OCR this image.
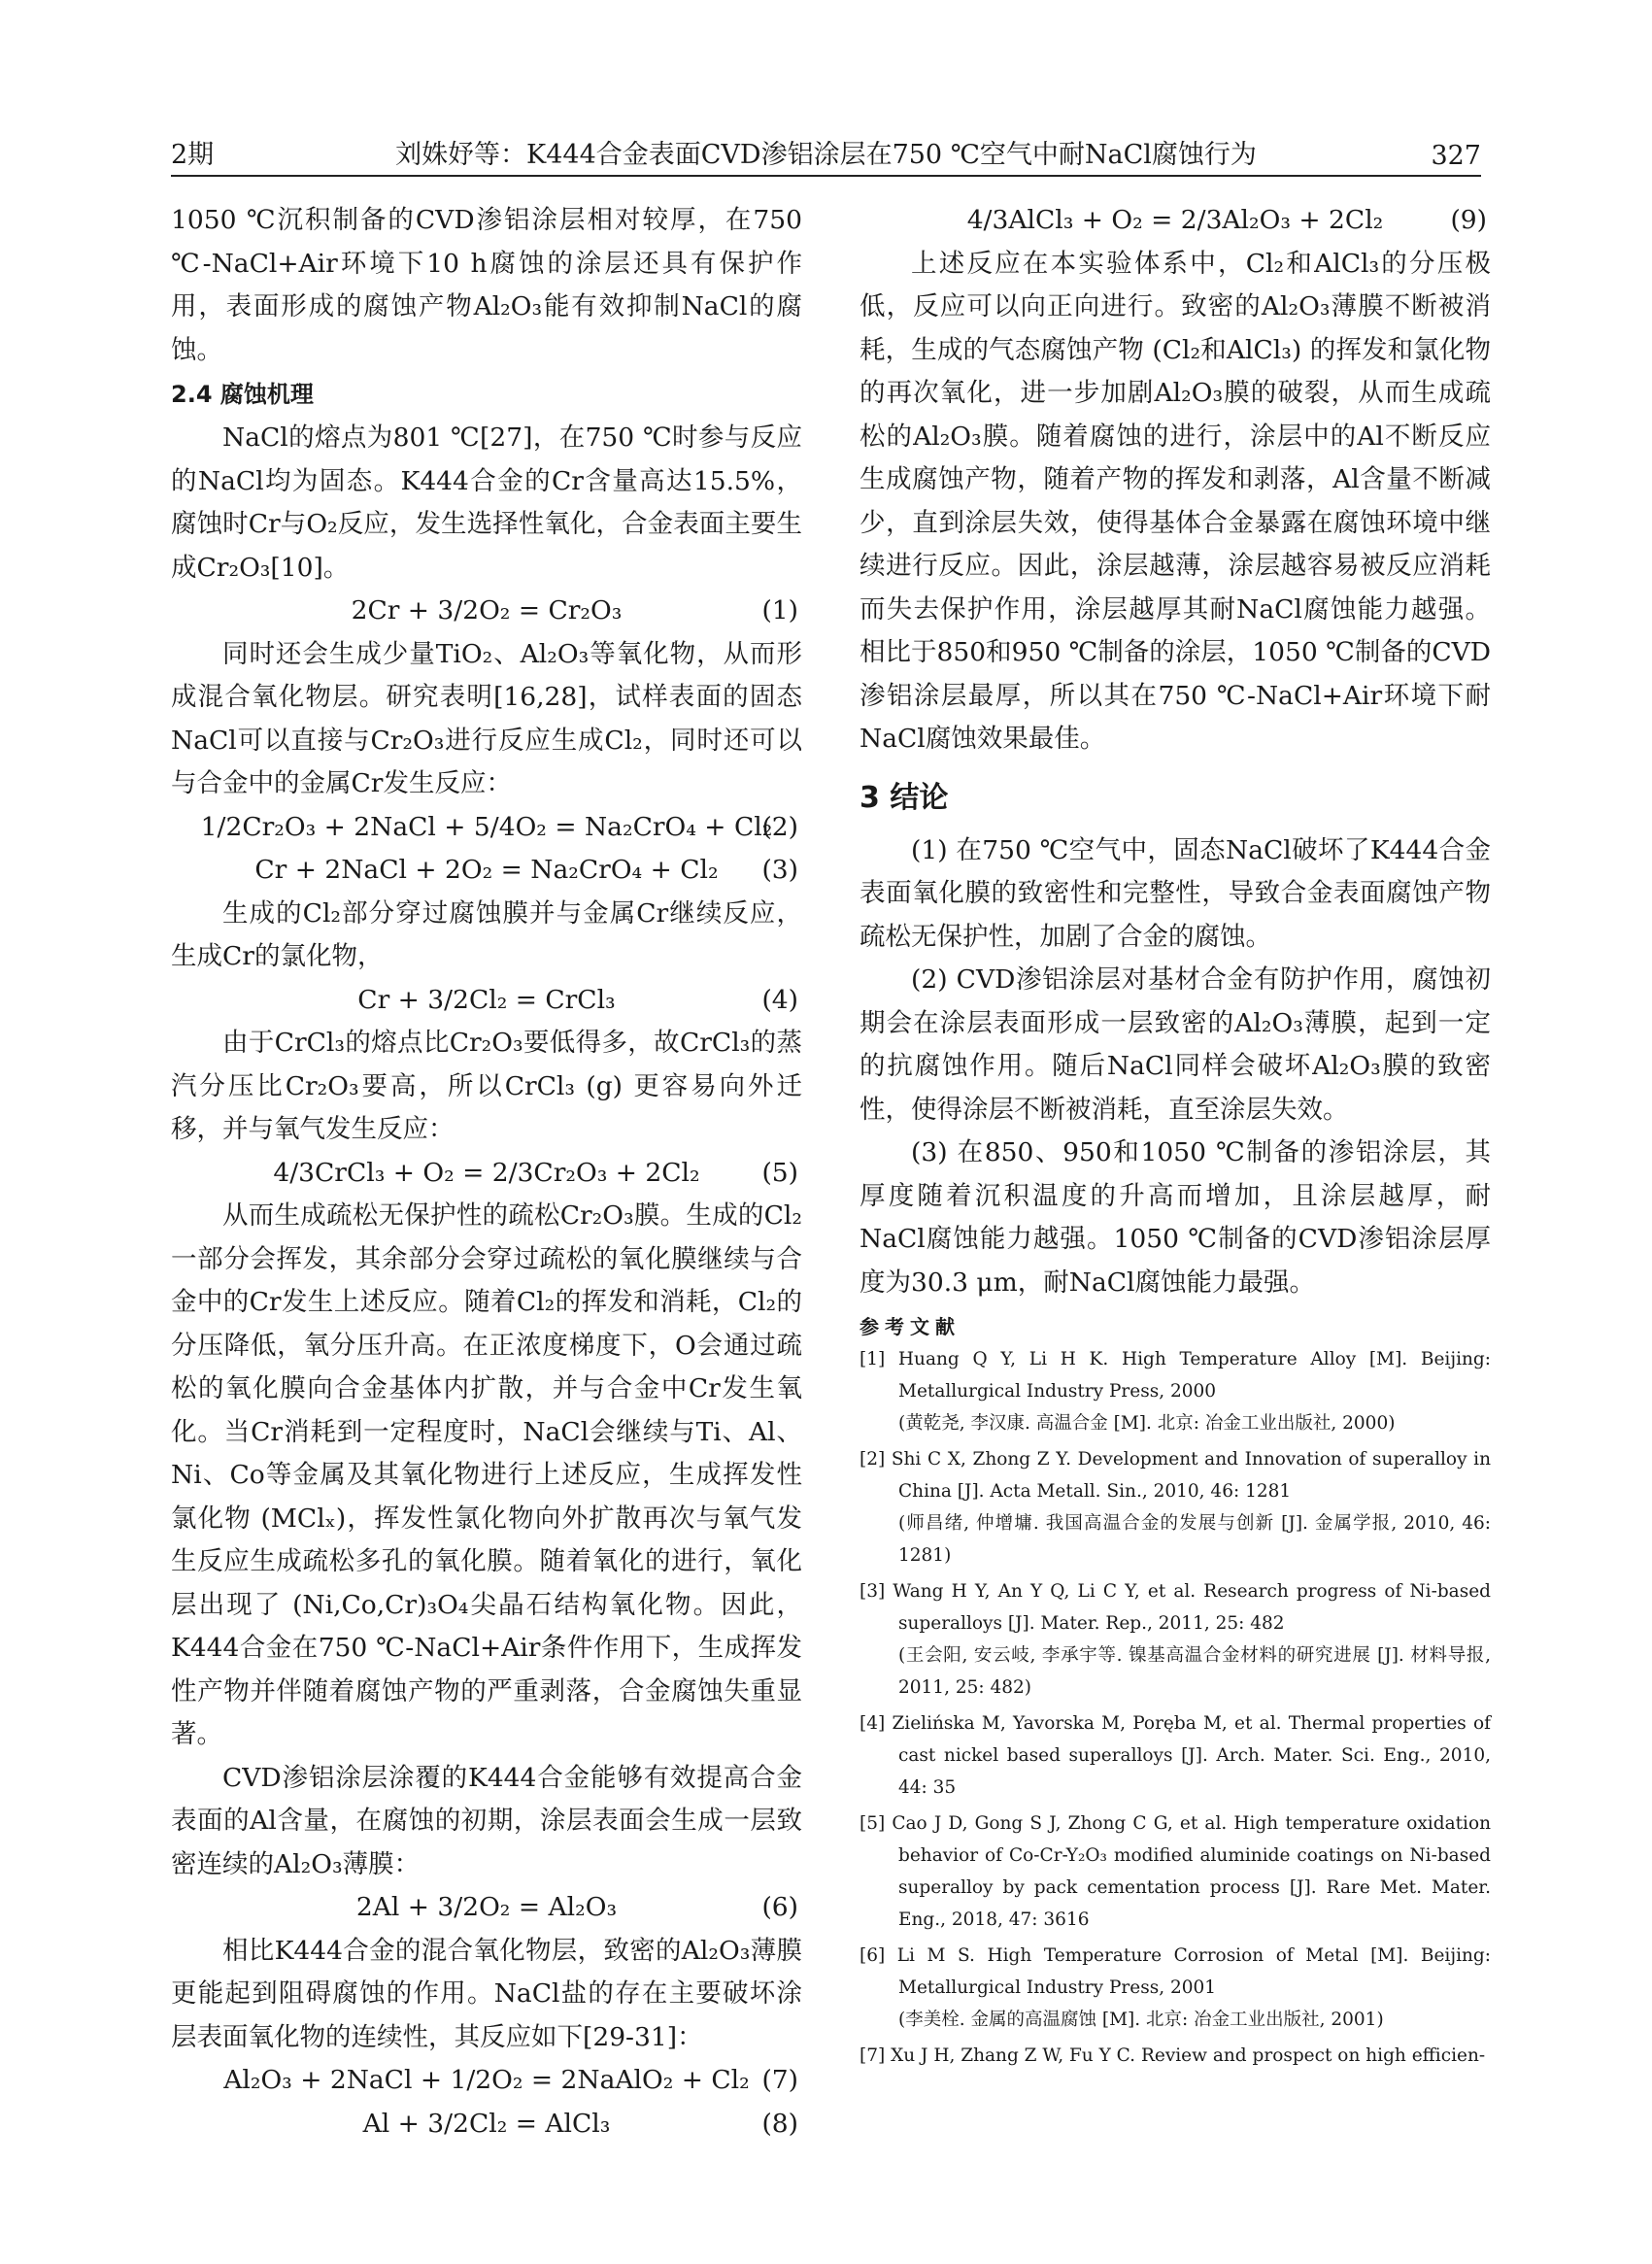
2期	刘姝妤等：K444合金表面CVD渗铝涂层在750 ℃空气中耐NaCl腐蚀行为	327

1050 ℃沉积制备的CVD渗铝涂层相对较厚，在750 ℃-NaCl+Air环境下10 h腐蚀的涂层还具有保护作用，表面形成的腐蚀产物Al₂O₃能有效抑制NaCl的腐蚀。

2.4 腐蚀机理

NaCl的熔点为801 ℃[27]，在750 ℃时参与反应的NaCl均为固态。K444合金的Cr含量高达15.5%，腐蚀时Cr与O₂反应，发生选择性氧化，合金表面主要生成Cr₂O₃[10]。

2Cr + 3/2O₂ = Cr₂O₃	(1)

同时还会生成少量TiO₂、Al₂O₃等氧化物，从而形成混合氧化物层。研究表明[16,28]，试样表面的固态NaCl可以直接与Cr₂O₃进行反应生成Cl₂，同时还可以与合金中的金属Cr发生反应：

1/2Cr₂O₃ + 2NaCl + 5/4O₂ = Na₂CrO₄ + Cl₂
(2)
Cr + 2NaCl + 2O₂ = Na₂CrO₄ + Cl₂ (3)

生成的Cl₂部分穿过腐蚀膜并与金属Cr继续反应，生成Cr的氯化物，

Cr + 3/2Cl₂ = CrCl₃	(4)

由于CrCl₃的熔点比Cr₂O₃要低得多，故CrCl₃的蒸汽分压比Cr₂O₃要高，所以CrCl₃ (g) 更容易向外迁移，并与氧气发生反应：

4/3CrCl₃ + O₂ = 2/3Cr₂O₃ + 2Cl₂ (5)

从而生成疏松无保护性的疏松Cr₂O₃膜。生成的Cl₂一部分会挥发，其余部分会穿过疏松的氧化膜继续与合金中的Cr发生上述反应。随着Cl₂的挥发和消耗，Cl₂的分压降低，氧分压升高。在正浓度梯度下，O会通过疏松的氧化膜向合金基体内扩散，并与合金中Cr发生氧化。当Cr消耗到一定程度时，NaCl会继续与Ti、Al、Ni、Co等金属及其氧化物进行上述反应，生成挥发性氯化物 (MClₓ)，挥发性氯化物向外扩散再次与氧气发生反应生成疏松多孔的氧化膜。随着氧化的进行，氧化层出现了 (Ni,Co,Cr)₃O₄尖晶石结构氧化物。因此，K444合金在750 ℃-NaCl+Air条件作用下，生成挥发性产物并伴随着腐蚀产物的严重剥落，合金腐蚀失重显著。

CVD渗铝涂层涂覆的K444合金能够有效提高合金表面的Al含量，在腐蚀的初期，涂层表面会生成一层致密连续的Al₂O₃薄膜：

2Al + 3/2O₂ = Al₂O₃	(6)

相比K444合金的混合氧化物层，致密的Al₂O₃薄膜更能起到阻碍腐蚀的作用。NaCl盐的存在主要破坏涂层表面氧化物的连续性，其反应如下[29-31]：

Al₂O₃ + 2NaCl + 1/2O₂ = 2NaAlO₂ + Cl₂ (7)
Al + 3/2Cl₂ = AlCl₃	(8)
4/3AlCl₃ + O₂ = 2/3Al₂O₃ + 2Cl₂	(9)

上述反应在本实验体系中，Cl₂和AlCl₃的分压极低，反应可以向正向进行。致密的Al₂O₃薄膜不断被消耗，生成的气态腐蚀产物 (Cl₂和AlCl₃) 的挥发和氯化物的再次氧化，进一步加剧Al₂O₃膜的破裂，从而生成疏松的Al₂O₃膜。随着腐蚀的进行，涂层中的Al不断反应生成腐蚀产物，随着产物的挥发和剥落，Al含量不断减少，直到涂层失效，使得基体合金暴露在腐蚀环境中继续进行反应。因此，涂层越薄，涂层越容易被反应消耗而失去保护作用，涂层越厚其耐NaCl腐蚀能力越强。相比于850和950 ℃制备的涂层，1050 ℃制备的CVD渗铝涂层最厚，所以其在750 ℃-NaCl+Air环境下耐NaCl腐蚀效果最佳。

3 结论

(1) 在750 ℃空气中，固态NaCl破坏了K444合金表面氧化膜的致密性和完整性，导致合金表面腐蚀产物疏松无保护性，加剧了合金的腐蚀。

(2) CVD渗铝涂层对基材合金有防护作用，腐蚀初期会在涂层表面形成一层致密的Al₂O₃薄膜，起到一定的抗腐蚀作用。随后NaCl同样会破坏Al₂O₃膜的致密性，使得涂层不断被消耗，直至涂层失效。

(3) 在850、950和1050 ℃制备的渗铝涂层，其厚度随着沉积温度的升高而增加，且涂层越厚，耐NaCl腐蚀能力越强。1050 ℃制备的CVD渗铝涂层厚度为30.3 μm，耐NaCl腐蚀能力最强。

参考文献

[1] Huang Q Y, Li H K. High Temperature Alloy [M]. Beijing: Metallurgical Industry Press, 2000
(黄乾尧, 李汉康. 高温合金 [M]. 北京: 冶金工业出版社, 2000)

[2] Shi C X, Zhong Z Y. Development and Innovation of superalloy in China [J]. Acta Metall. Sin., 2010, 46: 1281
(师昌绪, 仲增墉. 我国高温合金的发展与创新 [J]. 金属学报, 2010, 46: 1281)

[3] Wang H Y, An Y Q, Li C Y, et al. Research progress of Ni-based superalloys [J]. Mater. Rep., 2011, 25: 482
(王会阳, 安云岐, 李承宇等. 镍基高温合金材料的研究进展 [J]. 材料导报, 2011, 25: 482)

[4] Zielińska M, Yavorska M, Poręba M, et al. Thermal properties of cast nickel based superalloys [J]. Arch. Mater. Sci. Eng., 2010, 44: 35

[5] Cao J D, Gong S J, Zhong C G, et al. High temperature oxidation behavior of Co-Cr-Y₂O₃ modified aluminide coatings on Ni-based superalloy by pack cementation process [J]. Rare Met. Mater. Eng., 2018, 47: 3616

[6] Li M S. High Temperature Corrosion of Metal [M]. Beijing: Metallurgical Industry Press, 2001
(李美栓. 金属的高温腐蚀 [M]. 北京: 冶金工业出版社, 2001)

[7] Xu J H, Zhang Z W, Fu Y C. Review and prospect on high efficien-
